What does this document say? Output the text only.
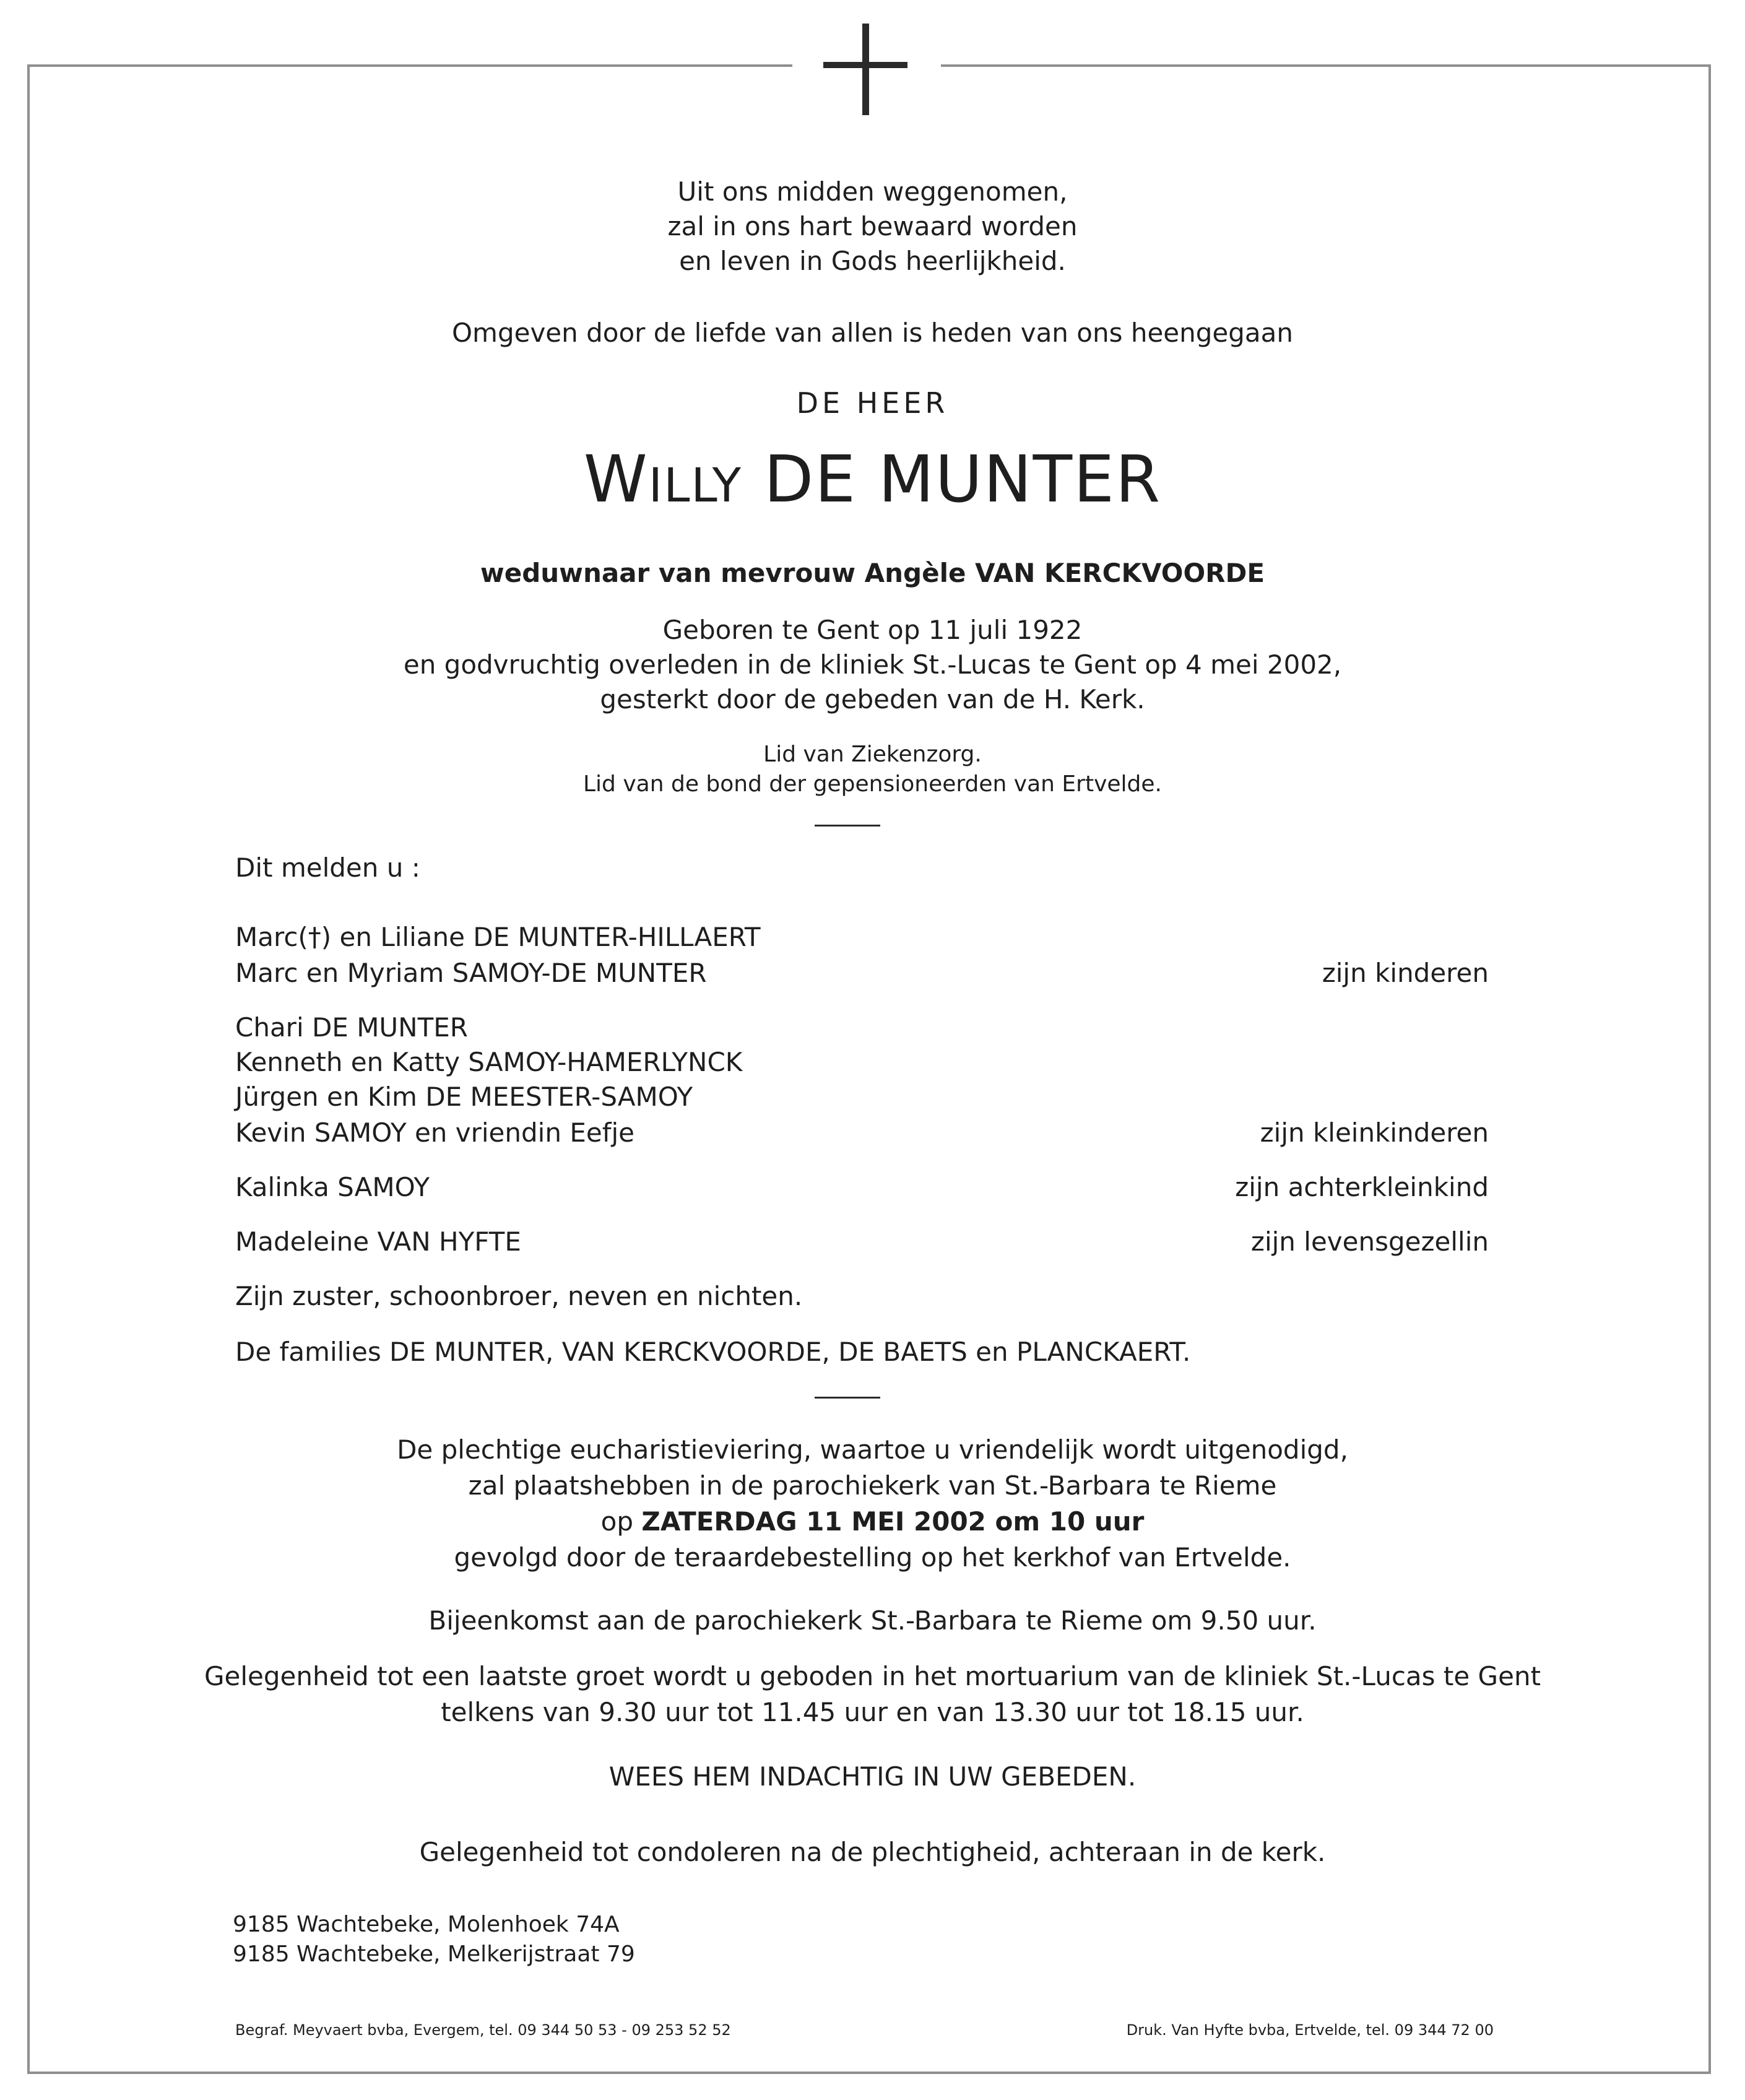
Uit ons midden weggenomen,
zal in ons hart bewaard worden
en leven in Gods heerlijkheid.
Omgeven door de liefde van allen is heden van ons heengegaan
DE HEER
WILLY DE MUNTER
weduwnaar van mevrouw Angèle VAN KERCKVOORDE
Geboren te Gent op 11 juli 1922
en godvruchtig overleden in de kliniek St.-Lucas te Gent op 4 mei 2002,
gesterkt door de gebeden van de H. Kerk.
Lid van Ziekenzorg.
Lid van de bond der gepensioneerden van Ertvelde.
Dit melden u :
Marc(†) en Liliane DE MUNTER-HILLAERT
Marc en Myriam SAMOY-DE MUNTER	zijn kinderen
Chari DE MUNTER
Kenneth en Katty SAMOY-HAMERLYNCK
Jürgen en Kim DE MEESTER-SAMOY
Kevin SAMOY en vriendin Eefje	zijn kleinkinderen
Kalinka SAMOY	zijn achterkleinkind
Madeleine VAN HYFTE	zijn levensgezellin
Zijn zuster, schoonbroer, neven en nichten.
De families DE MUNTER, VAN KERCKVOORDE, DE BAETS en PLANCKAERT.
De plechtige eucharistieviering, waartoe u vriendelijk wordt uitgenodigd,
zal plaatshebben in de parochiekerk van St.-Barbara te Rieme
op ZATERDAG 11 MEI 2002 om 10 uur
gevolgd door de teraardebestelling op het kerkhof van Ertvelde.
Bijeenkomst aan de parochiekerk St.-Barbara te Rieme om 9.50 uur.
Gelegenheid tot een laatste groet wordt u geboden in het mortuarium van de kliniek St.-Lucas te Gent
telkens van 9.30 uur tot 11.45 uur en van 13.30 uur tot 18.15 uur.
WEES HEM INDACHTIG IN UW GEBEDEN.
Gelegenheid tot condoleren na de plechtigheid, achteraan in de kerk.
9185 Wachtebeke, Molenhoek 74A
9185 Wachtebeke, Melkerijstraat 79
Begraf. Meyvaert bvba, Evergem, tel. 09 344 50 53 - 09 253 52 52	Druk. Van Hyfte bvba, Ertvelde, tel. 09 344 72 00
